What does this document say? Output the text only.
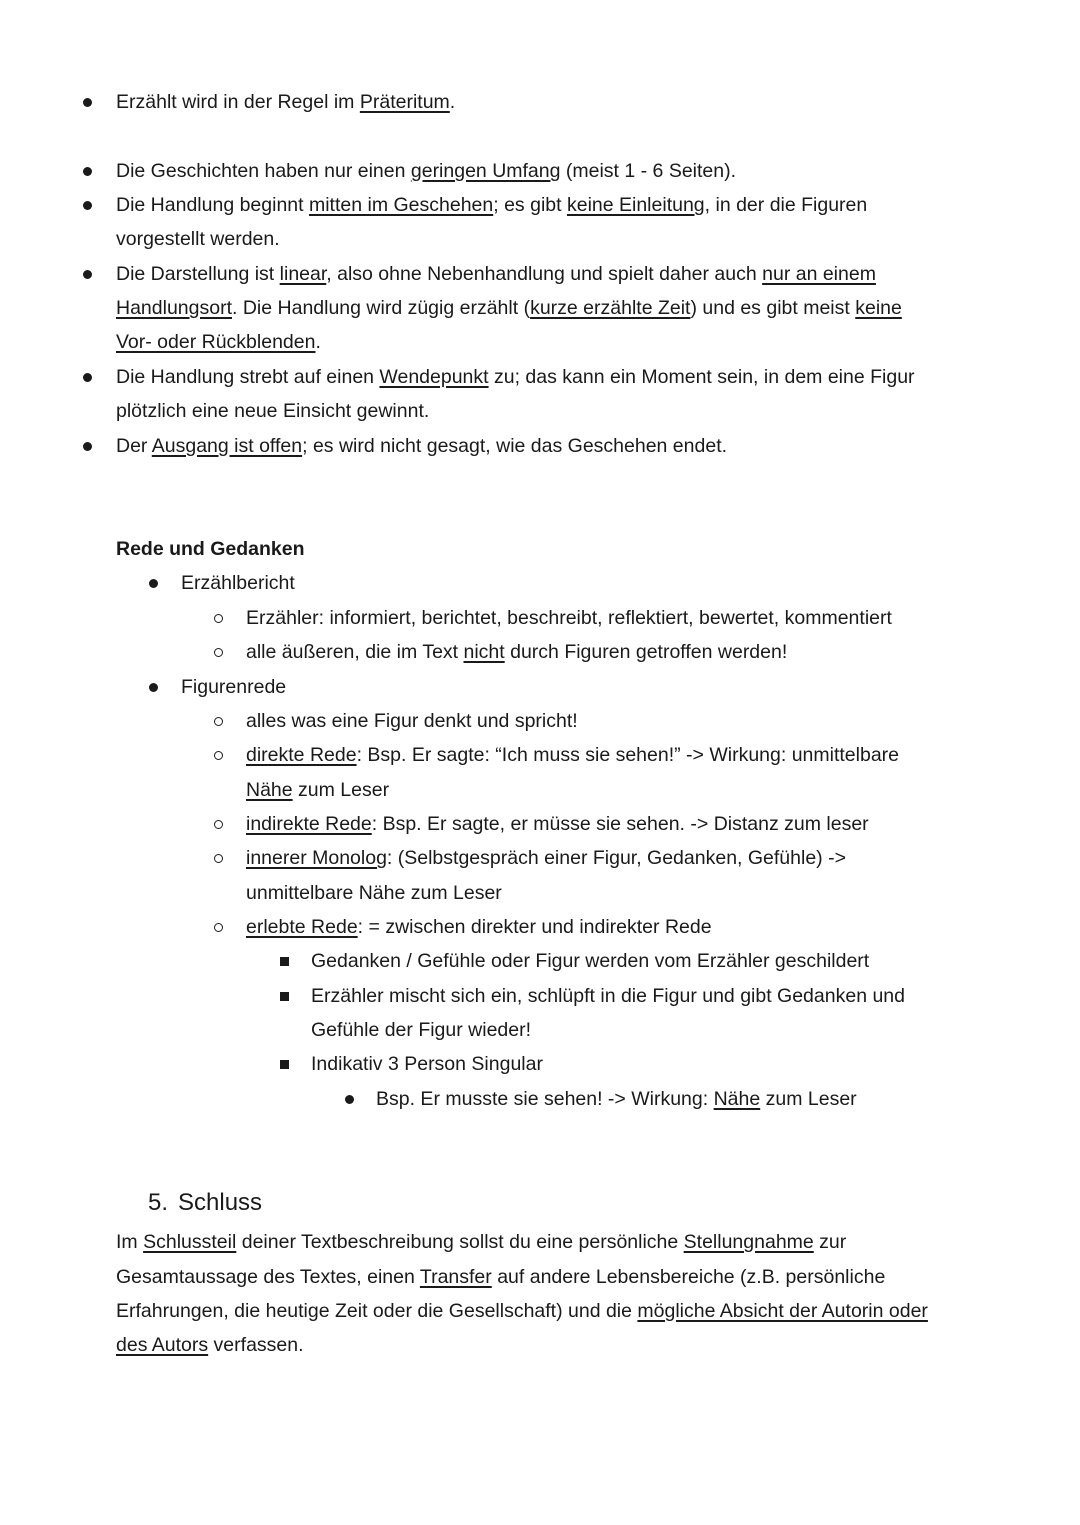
Erzählt wird in der Regel im Präteritum.
Die Geschichten haben nur einen geringen Umfang (meist 1 - 6 Seiten).
Die Handlung beginnt mitten im Geschehen; es gibt keine Einleitung, in der die Figuren
vorgestellt werden.
Die Darstellung ist linear, also ohne Nebenhandlung und spielt daher auch nur an einem
Handlungsort. Die Handlung wird zügig erzählt (kurze erzählte Zeit) und es gibt meist keine
Vor- oder Rückblenden.
Die Handlung strebt auf einen Wendepunkt zu; das kann ein Moment sein, in dem eine Figur
plötzlich eine neue Einsicht gewinnt.
Der Ausgang ist offen; es wird nicht gesagt, wie das Geschehen endet.
Rede und Gedanken
Erzählbericht
Erzähler: informiert, berichtet, beschreibt, reflektiert, bewertet, kommentiert
alle äußeren, die im Text nicht durch Figuren getroffen werden!
Figurenrede
alles was eine Figur denkt und spricht!
direkte Rede: Bsp. Er sagte: “Ich muss sie sehen!” -> Wirkung: unmittelbare
Nähe zum Leser
indirekte Rede: Bsp. Er sagte, er müsse sie sehen. -> Distanz zum leser
innerer Monolog: (Selbstgespräch einer Figur, Gedanken, Gefühle) ->
unmittelbare Nähe zum Leser
erlebte Rede: = zwischen direkter und indirekter Rede
Gedanken / Gefühle oder Figur werden vom Erzähler geschildert
Erzähler mischt sich ein, schlüpft in die Figur und gibt Gedanken und
Gefühle der Figur wieder!
Indikativ 3 Person Singular
Bsp. Er musste sie sehen! -> Wirkung: Nähe zum Leser
5. Schluss
Im Schlussteil deiner Textbeschreibung sollst du eine persönliche Stellungnahme zur
Gesamtaussage des Textes, einen Transfer auf andere Lebensbereiche (z.B. persönliche
Erfahrungen, die heutige Zeit oder die Gesellschaft) und die mögliche Absicht der Autorin oder
des Autors verfassen.
